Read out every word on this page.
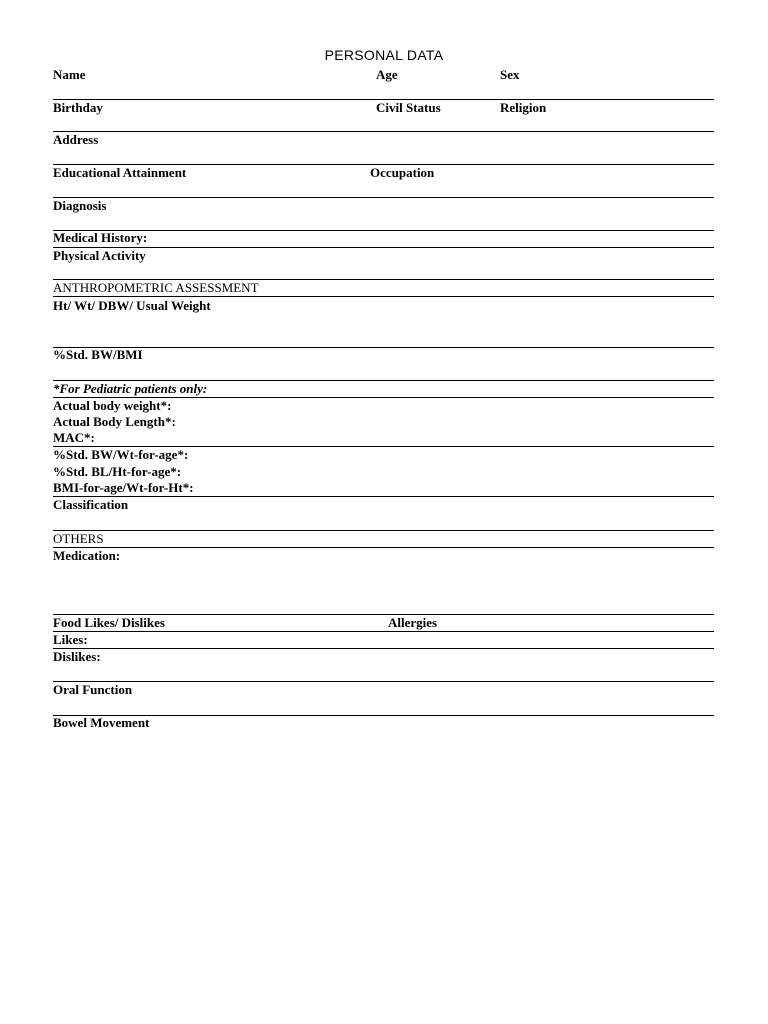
PERSONAL DATA
Name	Age	Sex
Birthday	Civil Status	Religion
Address
Educational Attainment	Occupation
Diagnosis
Medical History:
Physical Activity
ANTHROPOMETRIC ASSESSMENT
Ht/ Wt/ DBW/ Usual Weight
%Std. BW/BMI
*For Pediatric patients only:
Actual body weight*:
Actual Body Length*:
MAC*:
%Std. BW/Wt-for-age*:
%Std. BL/Ht-for-age*:
BMI-for-age/Wt-for-Ht*:
Classification
OTHERS
Medication:
Food Likes/ Dislikes	Allergies
Likes:
Dislikes:
Oral Function
Bowel Movement
